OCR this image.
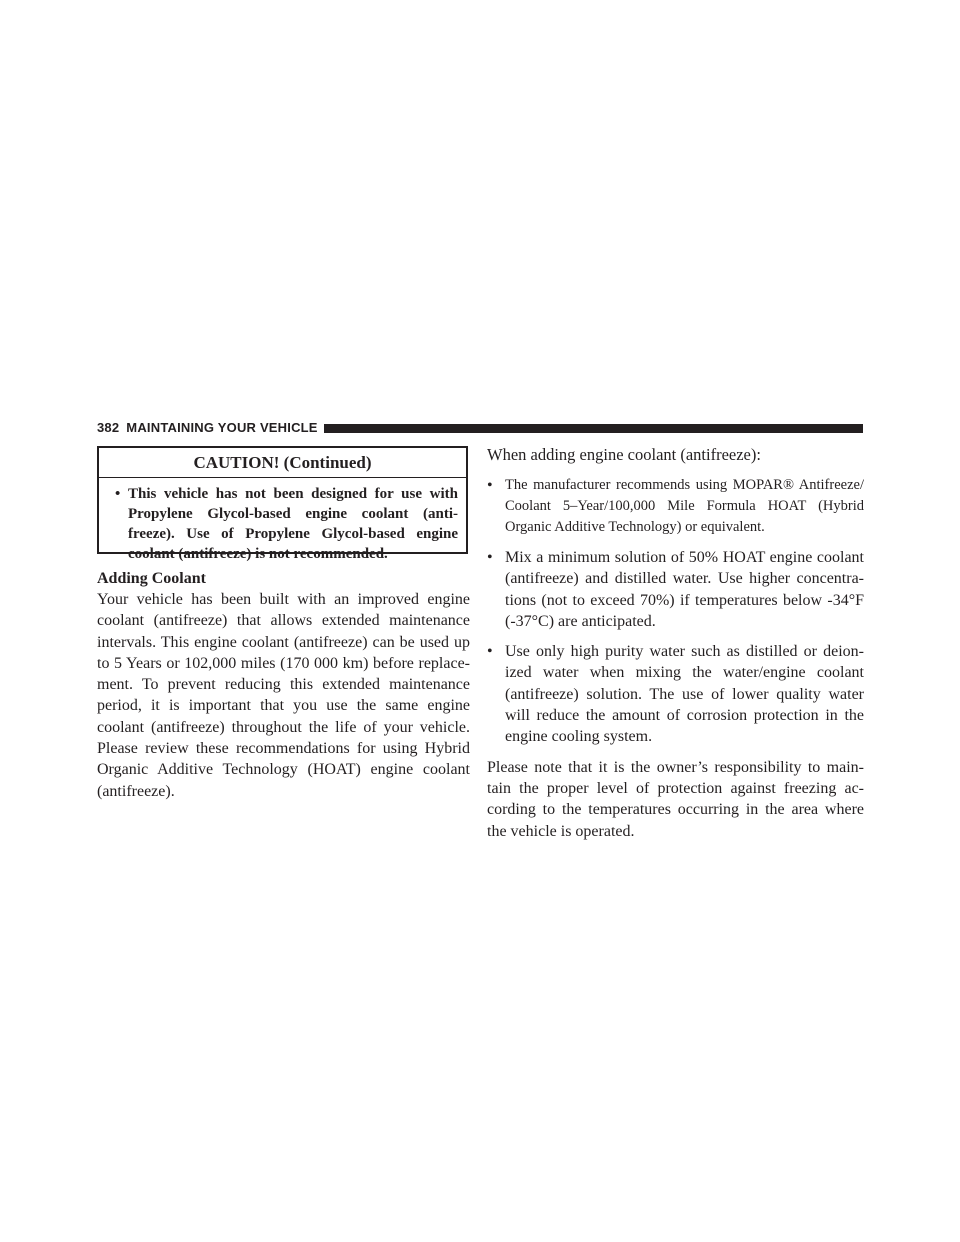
382 MAINTAINING YOUR VEHICLE
CAUTION! (Continued)
• This vehicle has not been designed for use with Propylene Glycol-based engine coolant (anti-freeze). Use of Propylene Glycol-based engine coolant (antifreeze) is not recommended.
Adding Coolant

Your vehicle has been built with an improved engine coolant (antifreeze) that allows extended maintenance intervals. This engine coolant (antifreeze) can be used up to 5 Years or 102,000 miles (170 000 km) before replace-ment. To prevent reducing this extended maintenance period, it is important that you use the same engine coolant (antifreeze) throughout the life of your vehicle. Please review these recommendations for using Hybrid Organic Additive Technology (HOAT) engine coolant (antifreeze).

When adding engine coolant (antifreeze):

• The manufacturer recommends using MOPAR® Antifreeze/ Coolant 5–Year/100,000 Mile Formula HOAT (Hybrid Organic Additive Technology) or equivalent.
• Mix a minimum solution of 50% HOAT engine coolant (antifreeze) and distilled water. Use higher concentra-tions (not to exceed 70%) if temperatures below -34°F (-37°C) are anticipated.
• Use only high purity water such as distilled or deion-ized water when mixing the water/engine coolant (antifreeze) solution. The use of lower quality water will reduce the amount of corrosion protection in the engine cooling system.

Please note that it is the owner’s responsibility to main-tain the proper level of protection against freezing ac-cording to the temperatures occurring in the area where the vehicle is operated.
